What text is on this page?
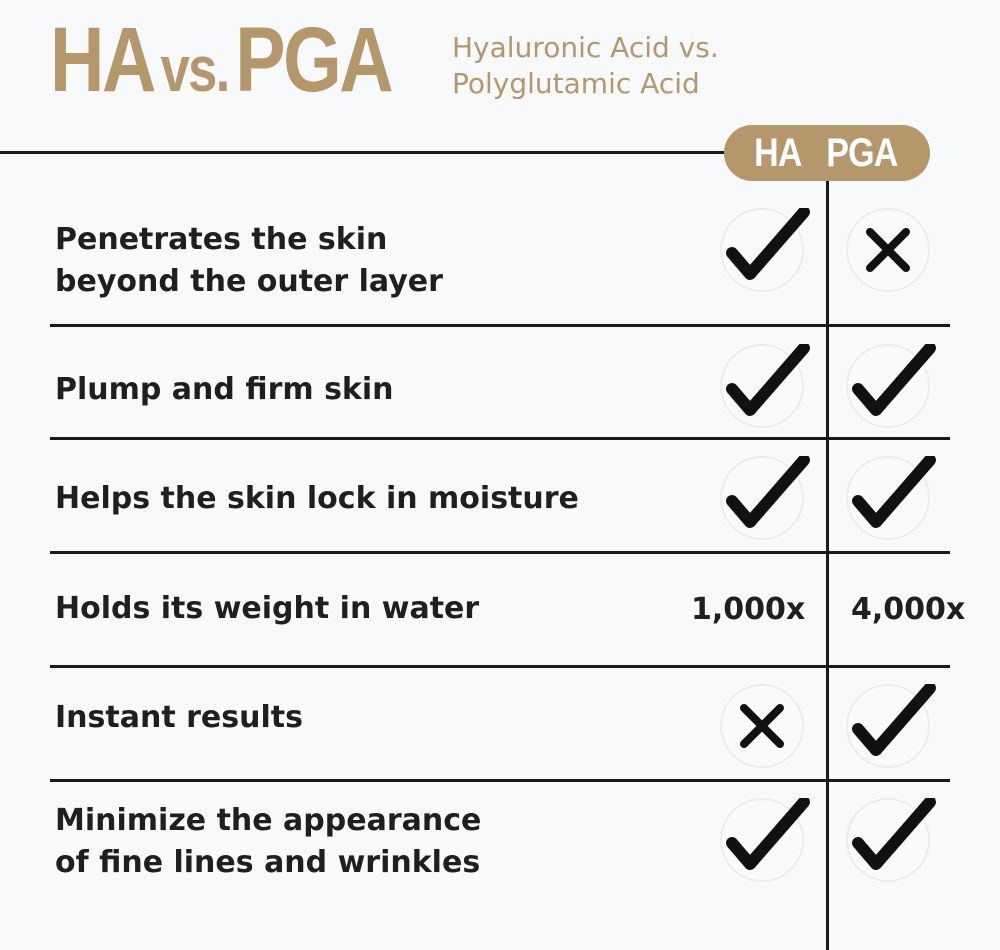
HA vs.PGA Hyaluronic Acid vs.
Polyglutamic Acid
HA PGA
Penetrates the skin
beyond the outer layer
Plump and firm skin
Helps the skin lock in moisture
Holds its weight in water	1,000x 4,000x
Instant results
Minimize the appearance
of fine lines and wrinkles
